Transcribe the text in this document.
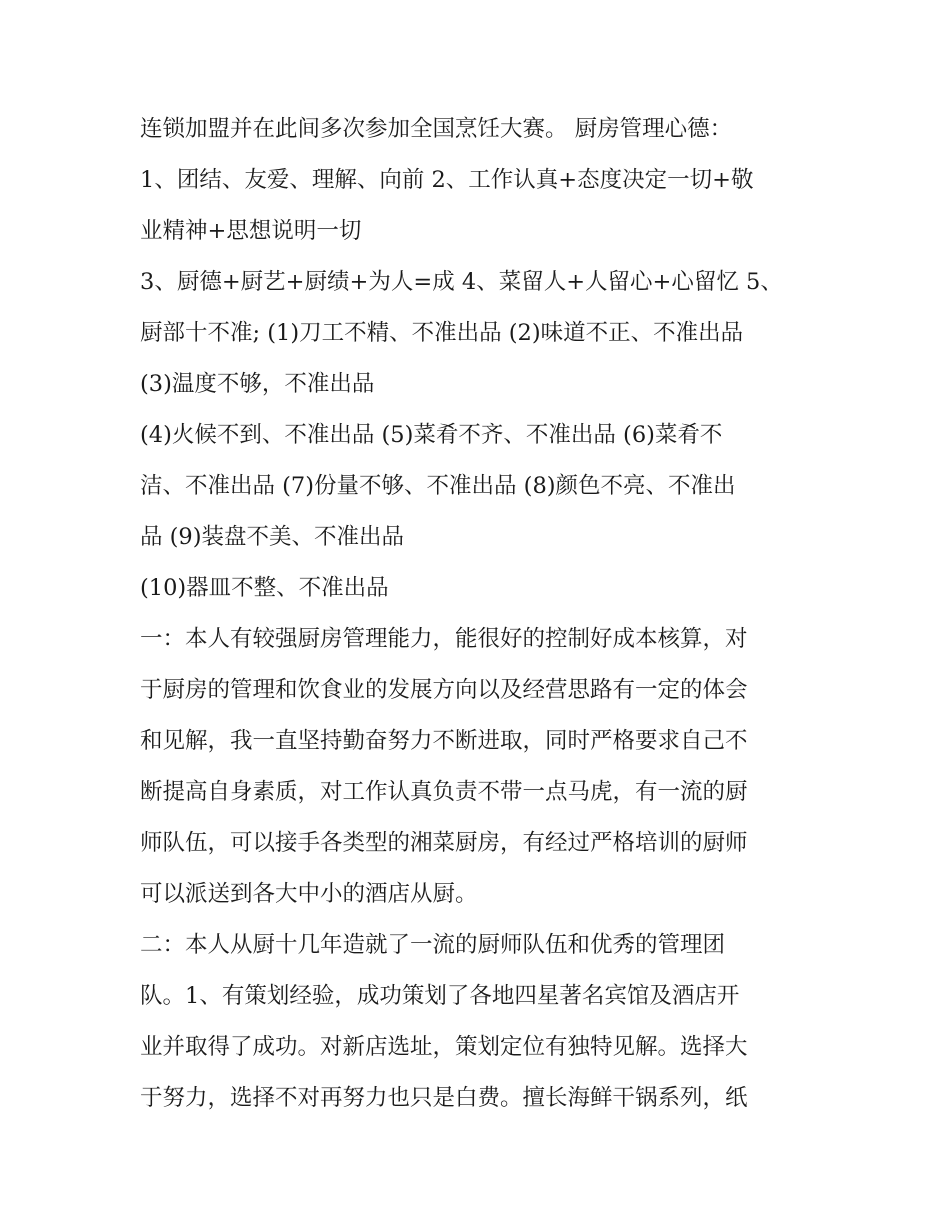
连锁加盟并在此间多次参加全国烹饪大赛。 厨房管理心德：
1、团结、友爱、理解、向前 2、工作认真+态度决定一切+敬
业精神+思想说明一切
3、厨德+厨艺+厨绩+为人=成 4、菜留人+人留心+心留忆 5、
厨部十不准; (1)刀工不精、不准出品 (2)味道不正、不准出品
(3)温度不够，不准出品
(4)火候不到、不准出品 (5)菜肴不齐、不准出品 (6)菜肴不
洁、不准出品 (7)份量不够、不准出品 (8)颜色不亮、不准出
品 (9)装盘不美、不准出品
(10)器皿不整、不准出品
一：本人有较强厨房管理能力，能很好的控制好成本核算，对
于厨房的管理和饮食业的发展方向以及经营思路有一定的体会
和见解，我一直坚持勤奋努力不断进取，同时严格要求自己不
断提高自身素质，对工作认真负责不带一点马虎，有一流的厨
师队伍，可以接手各类型的湘菜厨房，有经过严格培训的厨师
可以派送到各大中小的酒店从厨。
二：本人从厨十几年造就了一流的厨师队伍和优秀的管理团
队。1、有策划经验，成功策划了各地四星著名宾馆及酒店开
业并取得了成功。对新店选址，策划定位有独特见解。选择大
于努力，选择不对再努力也只是白费。擅长海鲜干锅系列，纸
